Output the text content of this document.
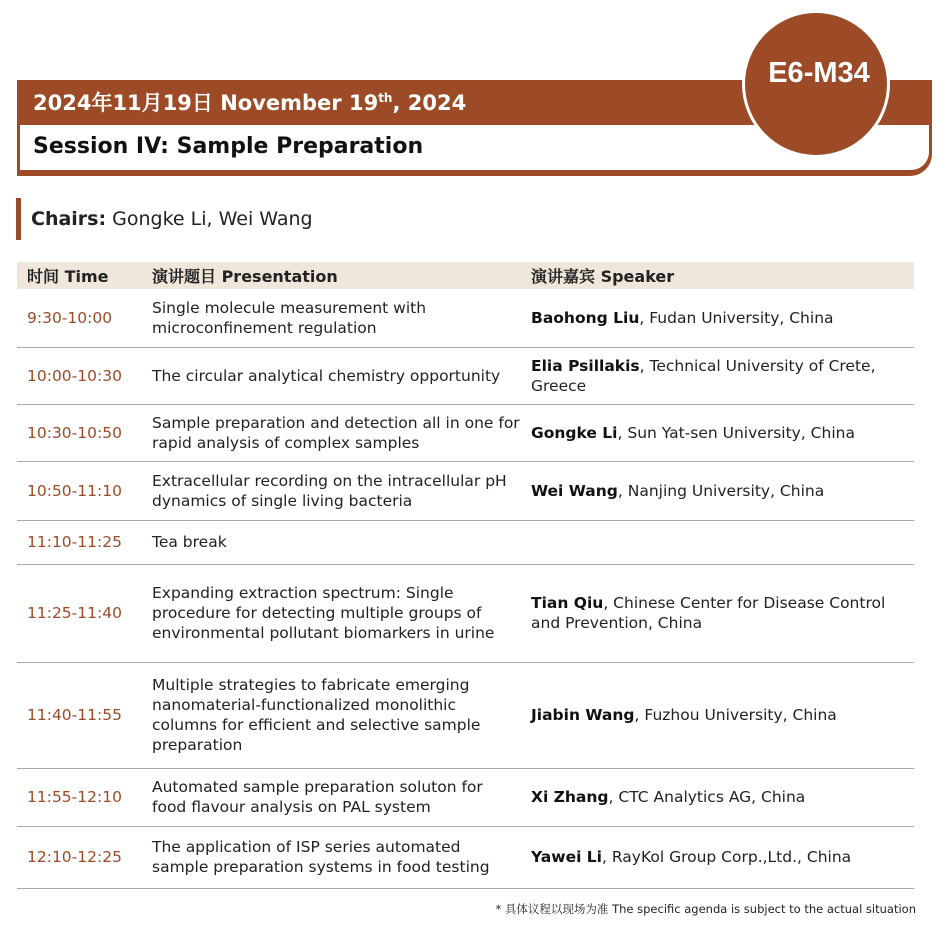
2024年11月19日 November 19th, 2024
Session IV: Sample Preparation
E6-M34
Chairs: Gongke Li, Wei Wang
时间 Time	演讲题目 Presentation	演讲嘉宾 Speaker
9:30-10:00	Single molecule measurement with microconfinement regulation	Baohong Liu, Fudan University, China
10:00-10:30	The circular analytical chemistry opportunity	Elia Psillakis, Technical University of Crete, Greece
10:30-10:50	Sample preparation and detection all in one for rapid analysis of complex samples	Gongke Li, Sun Yat-sen University, China
10:50-11:10	Extracellular recording on the intracellular pH dynamics of single living bacteria	Wei Wang, Nanjing University, China
11:10-11:25	Tea break	
11:25-11:40	Expanding extraction spectrum: Single procedure for detecting multiple groups of environmental pollutant biomarkers in urine	Tian Qiu, Chinese Center for Disease Control and Prevention, China
11:40-11:55	Multiple strategies to fabricate emerging nanomaterial-functionalized monolithic columns for efficient and selective sample preparation	Jiabin Wang, Fuzhou University, China
11:55-12:10	Automated sample preparation soluton for food flavour analysis on PAL system	Xi Zhang, CTC Analytics AG, China
12:10-12:25	The application of ISP series automated sample preparation systems in food testing	Yawei Li, RayKol Group Corp.,Ltd., China
* 具体议程以现场为准 The specific agenda is subject to the actual situation
